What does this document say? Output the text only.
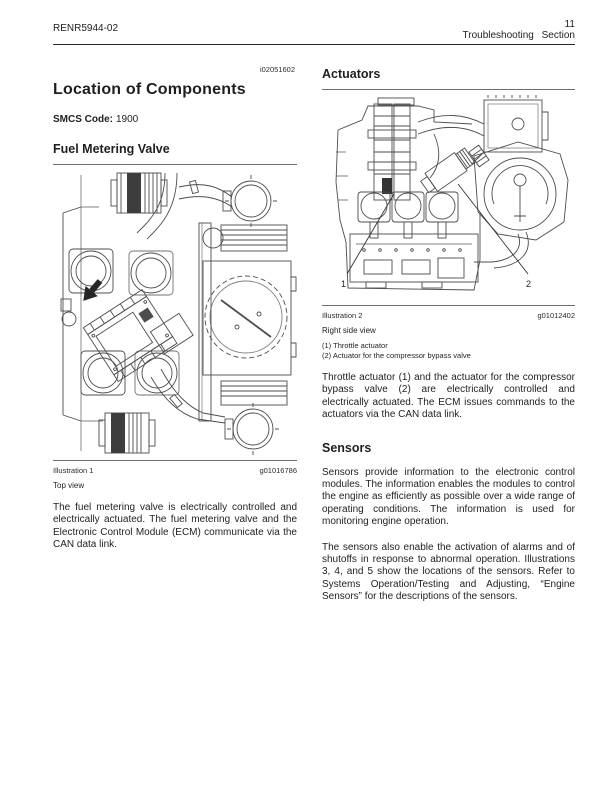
RENR5944-02	11
Troubleshooting Section
i02051602
Location of Components

SMCS Code: 1900

Fuel Metering Valve
Illustration 1	g01016786
Top view

The fuel metering valve is electrically controlled and electrically actuated. The fuel metering valve and the Electronic Control Module (ECM) communicate via the CAN data link.

Actuators
1	2
Illustration 2	g01012402
Right side view
(1) Throttle actuator
(2) Actuator for the compressor bypass valve

Throttle actuator (1) and the actuator for the compressor bypass valve (2) are electrically controlled and electrically actuated. The ECM issues commands to the actuators via the CAN data link.

Sensors

Sensors provide information to the electronic control modules. The information enables the modules to control the engine as efficiently as possible over a wide range of operating conditions. The information is used for monitoring engine operation.

The sensors also enable the activation of alarms and of shutoffs in response to abnormal operation. Illustrations 3, 4, and 5 show the locations of the sensors. Refer to Systems Operation/Testing and Adjusting, “Engine Sensors” for the descriptions of the sensors.
